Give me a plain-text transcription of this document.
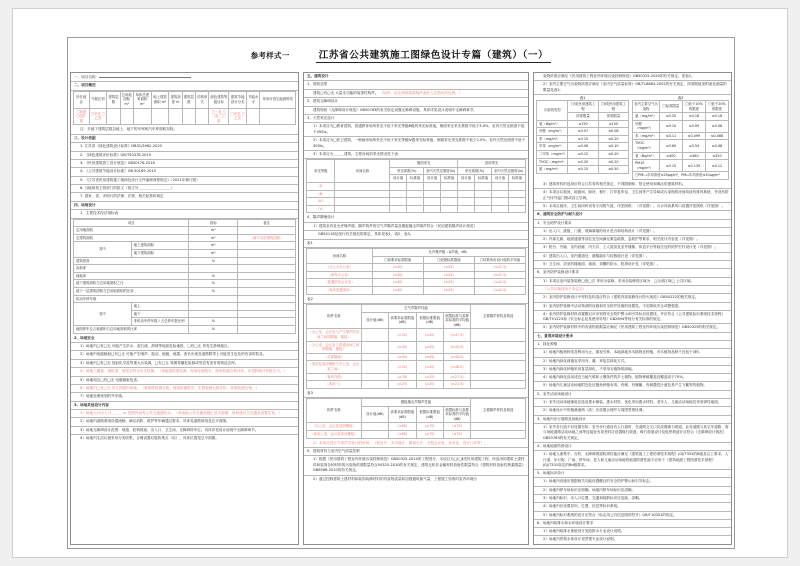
参考样式一	江苏省公共建筑施工图绿色设计专篇（建筑）（一）
一、项目名称：
二、项目概况
所在地区	气候区划	建筑层数	总用地面积 m²	单体总建筑面积 m²	地上建筑面积 m²	建筑高度 m	建筑层数	结构形式	绿色建筑等级目标	建筑节能设计分类	节能水平	采用可再生能源种类
□新建 □改扩建	□甲类 □乙类								□一星 □二星 □三星	□甲类 □乙类		
注：半地下建筑层数以地上、地下的车库和汽车库面积扣除。
三、设计依据
1. 江苏省《绿色建筑设计标准》DB32/3962-2020
2. 《绿色建筑评价标准》GB/T50378-2019
3. 《民用建筑热工设计规范》GB50176-2016
4. 《公共建筑节能设计标准》GB 50189-2015
5. 《江苏省民用建筑施工图绿色设计文件编制深度规定》（2021年修订版）
6. 当地规划主管部门的批文（批文号＿＿＿＿＿＿＿＿＿）
7. 国家、省、市现行的法律、法规、相关标准和规定
四、场地设计
1、主要技术经济指标表
项目		指标	备注
总用地面积		m²	
总建筑面积		m²	（填写实际建筑面积）
其中	地上建筑面积	m²	
	地下建筑面积	m²	
建筑密度		%	
容积率			
绿地率		%	
地下建筑面积与总用地面积之比		%	
地下一层建筑面积与总用地面积的比率		%	
机动车停车数			
其中	地上		
	地下		
	非机动车停车数 / 占总停车数比例	%	
地面停车位占地面积与总用地面积的比率		%	
2、场地安全
1）场地内□有□无 可能产生洪水、泥石流、滑坡等地质危险地段，□有□无 易发生滑坡地区。
2）场地内电磁辐射□有□无 可能产生噪声、振动、地磁、地震、害长出现及道路附带上可能发生危及的有害的影及。
3）场地内□有□无 放射化学品等重大污染源，□有□无 易燃易爆危险源或邻近有害有毒物品仓库。
4）场地土壤氡、氡浓度、度是否符合有关检测。（场地氡浓度检测、现场检测报告、现场检测合格评价、环境影响评价报告书。）
5）场地周边□有□无 电磁辐射危害。
6）场地内□有□无 幼儿园屋内场地。（氧浓度检测合格、现场检测报告、生物检测合格评价、环境检测合格。）
7）场地处理规划的外穿墙。
3、场地其他设计内容
1）场地人行出入口＿＿＿ m 范围内设有公共交通通站点。（该场地公共交通设施汇及平面图，规划建议主交通及设置汇及。）
2）场地内道路系统设置流畅，满足消防、救护等车辆通过要求，具体见道路规划及总平面图。
3）场地无障碍设计范围：坡道、轮椅坡道、出入口、卫生间、无障碍停车位。具体详见设计说明中无障碍章节。
4）场地内生活垃圾采用分类收集，合理设置垃圾收集点（站），具体位置见总平面图。
五、建筑设计
1、建筑造型
建筑□有□无 大量无功能的装饰性构件。 （如有，应注明该装饰构件造价占总造价的比例。）
2、建筑无障碍设计
建筑物按《无障碍设计规范》GB50763的有关规定设置无障碍设施，具体详见设计说明中无障碍章节。
3、天然采光设计
1）本项目为□教育建筑，普通教育场所采光不低于采光等级Ⅲ级的采光标准值，侧面采光采光系数不低于3.0%，室内天然光照度不低于450lx。
2）本项目为□医卫建筑，一般病房场所采光不低于采光等级Ⅳ级采光标准值，侧面采光采光系数不低于2.0%，室内天然光照度不低于300lx。
3）本项目为＿＿＿建筑，主要房间的采光情况见下表：
采光等级	房间名称	侧面采光				顶部采光			
		采光系数(%)		室内天然光照度(lx)		采光系数(%)		室内天然光照度(lx)	
		设计值	标准值	设计值	标准值	设计值	标准值	设计值	标准值
（Ⅱ）									
（Ⅲ）									
（Ⅳ）									
（Ⅴ）									
4、隔声降噪设计
1）建筑室内及允许噪声级、隔声构件的空气声隔声量及楼板撞击声隔声符合《民用建筑隔声设计规范》
GB50118及现行有关规范的规定，具体见表1、表2、表3。
表1
房间名称	允许噪声级（A声级，dB）		
	□高要求标准限值	□低限标准限值	□结果所用设计值的平均值
（办公大办公室）	(≤40)	(≤45)	(≤42.5)
（商务办公室）	(≤40)	(≤45)	(≤42.5)
（普通商务会议室）	(≤40)	(≤45)	(≤42.5)
（客房普通客房）	(≤40)	(≤45)	(≤42.5)
表2
构件名称	空气声隔声性能				主要隔声材料及构造
	设计值(dB)	高要求标准限值(dB)	低限标准限值(dB)	低限标准与高要求标准的平均值(dB)	
（办公室、会议室与产生噪声的房间之间的隔墙、楼板）		(≥50)	(≥45)	(≥47.5)	
（办公室、会议室与普通房间之间的隔墙、楼板）		(≥45)	(≥45)	(≥45.0)	
（走廊隔墙）		(≥45)	(≥45)	(≥45.0)	
（客房及客房楼板与办公室、会议室之间）		(≥50)	(≥45)	(≥48.0)	
（客房外窗）		(≥30)	(≥25)	(≥27.5)	
（客房门）		(≥25)	(≥20)	(≥22.5)	
表3
构件名称	楼板撞击声隔声性能				主要隔声材料及构造
	设计值(dB)	高要求标准限值(dB)	低限标准限值(dB)	低限标准与高要求标准的平均值(dB)	
（办公室、会议室顶部楼板）		(≤65)	(≤75)	(≤70)	
（客房公室、会议室顶部楼板）		(≤65)	(≤75)	(≤70)	
2）本项目进行专项声学设计的房间：（报告厅、多功能厅、剧场大厅、大型会议室、录音室、设计门诊等）。
5、建筑材料与室内空气质量控制
1）根据《民用建筑工程室内环境污染控制规范》GB50325-2010的工程划分，本项目为□Ⅰ□Ⅱ类民用建筑工程，所选用的建筑土建材料和装饰各种材料的污染物浓度限量符合50325-2010的有关规定，建筑无机非金属材料放射性限量符合《建筑材料放射性核素限量》GB6566-2010的有关规定。
2）通过控制建筑土建材料和装饰装修材料的有害物质量和加强通风换气量，工程竣工验收时室内环境污
染物浓度应满足《民用建筑工程室内环境污染控制规范》GB50325-2020的有关规定，见表1。
2）室内主要空气污染物浓度应满足《室内空气质量标准》GB/T18883-2002的有关规定，浓度限值见附表及测量的限量见表2：
表1
污染物类型	□Ⅰ类民用建筑工程	□Ⅱ类民用建筑工程
	浓度限量	浓度限量
氡（Bq/m³）	≤150	≤150
甲醛（mg/m³）	≤0.07	≤0.08
苯（mg/m³）	≤0.15	≤0.20
甲苯（mg/m³）	≤0.06	≤0.10
二甲苯（mg/m³）	≤0.15	≤0.20
TVOC（mg/m³）	≤0.20	≤0.20
氨（mg/m³）	≤0.15	≤0.50
表2
室内主要空气污染物	□标准限量	□低于10%的限度	□低于20%的限度
氨（mg/m³）	≤0.20	≤0.18	≤0.16
甲醛（mg/m³）	≤0.10	≤0.09	≤0.08
苯（mg/m³）	≤0.11	≤0.099	≤0.088
TVOC（mg/m³）	≤0.60	≤0.54	≤0.48
氡（Bq/m³）	≤400	≤360	≤320
PM10（mg/m³）	≤0.15	≤0.135	≤0.12
□PM₂.₅年均浓度≤25μg/m³，PM₁₀年均浓度≤50μg/m³			
3）建筑材料的选用应符合江苏省的相关规定，不得限制和、禁止使用和淘汰的建筑材料。
4）本项目垃圾间、地面间、厕所、餐厅、打印复印室、卫生间等产生异味或污染物的房间均设有排风系统，并设有防止气体外溢门隙或设立空调。
5）本项目厨房、卫生间同时设有专用排气道，详见图纸：（详见图）。污水冲淡系风口设置详见图纸（详见图）。
6、建筑安全防护与耐久设计
1、安全防护设计要求
1）出入口、挑檐、门窗、玻璃幕墙的设计是否和结构设计（详见图）。
2）内部走廊、地面通道等部位宜空间满足紧急疏散，急救护等要求，相关设计内容见（详见图）。
3）阳台、外廊、室内回廊、内天井、上人屋顶及室外楼梯、休息平台等临空处的防护栏杆设计见（详见图）。
4）建筑出入口、室内通道处、潜梯踏步与检修道计见（详见图）。
5）卫生间、浴室的楼地面、墙面、顶棚的防水、防滑设计见（详见图）。
6、室内防护装修设计要求
1）本项目室内装饰装修□是□否 采用全装修。采用全装修的区域为：□全部区域□ 公共区域。
（公共区域适用于非住宅）
2）室内防护装修设计中材料及构造应符合《建筑内部装修设计防火规范》GB50222的相关规定。
3）室内防护装修中活动物消防设施和安全防护设施的设置见，不应降低安全或整强度。
4）室内防护装修材料设置醒目可识别的安全防护警示和引导标识设置线，并应符合《公共建筑标识系统技术规程》GB/T51223和《安全标志及其使用导则》GB2894等现行有关标准的规定。
5）室内防护装修材料中的有害物质限量应满足《民用建筑工程室内环境污染控制规范》GB50325的相关规定。
七、景观环境设计要求
1、绿化种植
1）场地内植物种类及利用为止，重视引种、本地绿地乔木植物宜种植，乔木植物品种不宜低于3种。
2）场地内绿化栽植宜采用乔、灌、草复层绿化方式。
3）场地内绿化种植采用复层绿化，不采用无植物的绿地。
4）场地内绿化选用适宜当地气候和土壤条件的乡土植物，植物种植覆盖宜覆盖高于70%。
5）场地内儿童活动场地附近处应避免种植有毒、有刺、有飘絮、有刺激性汁液及易产生飞絮等的植物。
2、室外活动场地设计
1）室外活动场地铺装应选用透水铺装，透水材料，优化采用透水材料，老年人、儿童活动场地宜采用弹性地面。
2）场地设计中的植栽遮荫（高）应设置合理并与周围景观协调。
3、场地内步行道路及场地设计
1）室外步行道不应设置台阶；室外步行道设有人行道时，在道路交叉口应设置缘石坡道；业务道路与其它车道路、需与场地道路活动场地之间等连接处有高差时应设置缘石坡道；缘石坡道设计及乾停坡道计应符合《无障碍设计规范》GB50763的有关规定。
4、场地地面防滑设计
1）场地人流集中、台阶、无障碍坡道防滑性能应满足《建筑施工工程防滑技术规程》JGJ/T331的B级及以上要求；人行道、步行街、广场、停车场、老人和儿童活动场地的地面防滑性能不应低于《建筑地面工程防滑技术规程》JGJ/T331规定的Bd级要求。
5、场地标识设计
1）场地内设施应根据相关功能设置醒目的安全防护警示和引导标志。
2）场地内停车场标识应明确，场地内停车场标识应清晰。
3）场地内标识、出入口位置、交通和疏散标识应连续、清晰。
4）场地内应设置导向、位置、信息等标识系统。
5）场地内标识系统的设计应符合《标志用公共信息图形符号》GB/T10001的规定。
6、场地内给排水和水环境设计要求
1）场地内给排水系统设计见给排水专业设计说明。
2）场地内景观水体设计见景观专业设计说明。
